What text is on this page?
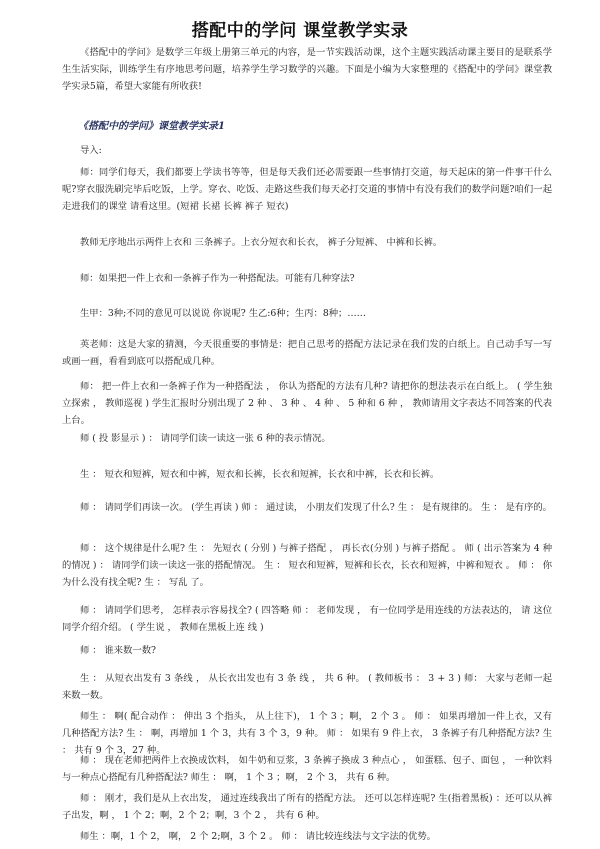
搭配中的学问 课堂教学实录

《搭配中的学问》是数学三年级上册第三单元的内容，是一节实践活动课，这个主题实践活动课主要目的是联系学生生活实际，训练学生有序地思考问题，培养学生学习数学的兴趣。下面是小编为大家整理的《搭配中的学问》课堂教学实录5篇，希望大家能有所收获!

《搭配中的学问》课堂教学实录1

导入:

师：同学们每天，我们都要上学读书等等，但是每天我们还必需要跟一些事情打交道，每天起床的第一件事干什么呢?穿衣服洗刷完毕后吃饭，上学。穿衣、吃饭、走路这些我们每天必打交道的事情中有没有我们的数学问题?咱们一起走进我们的课堂 请看这里。(短裙 长裙 长裤 裤子 短衣)

教师无序地出示两件上衣和 三条裤子。上衣分短衣和长衣， 裤子分短裤、 中裤和长裤。

师：如果把一件上衣和一条裤子作为一种搭配法。可能有几种穿法?

生甲：3种;不同的意见可以说说 你说呢? 生乙:6种；生丙：8种；……

英老师：这是大家的猜测，今天很重要的事情是：把自己思考的搭配方法记录在我们发的白纸上。自己动手写一写或画一画，看看到底可以搭配成几种。

师： 把一件上衣和一条裤子作为一种搭配法 ， 你认为搭配的方法有几种? 请把你的想法表示在白纸上。 ( 学生独立探索 ， 教师巡视 ) 学生汇报时分别出现了 2 种 、 3 种 、 4 种 、 5 种和 6 种 ， 教师请用文字表达不同答案的代表上台。

师 ( 投 影显示 ) ： 请同学们读一读这一张 6 种的表示情况。

生 ： 短衣和短裤，短衣和中裤，短衣和长裤，长衣和短裤，长衣和中裤，长衣和长裤。

师 ： 请同学们再读一次。 (学生再读 ) 师 ： 通过读， 小朋友们发现了什么? 生 ： 是有规律的。 生 ： 是有序的。

师 ： 这个规律是什么呢? 生 ： 先短衣 ( 分别 ) 与裤子搭配 ， 再长衣(分别 ) 与裤子搭配 。 师 ( 出示答案为 4 种的情况 ) ： 请同学们读一读这一张的搭配情况。 生 ： 短衣和短裤，短裤和长衣，长衣和短裤，中裤和短衣 。 师 ： 你为什么没有找全呢? 生 ： 写乱 了。

师 ： 请同学们思考， 怎样表示容易找全? ( 四答略 师 ： 老师发现 ， 有一位同学是用连线的方法表达的， 请 这位同学介绍介绍。 ( 学生说 ， 教师在黑板上连 线 )

师 ： 谁来数一数?

生 ： 从短衣出发有 3 条线 ， 从长衣出发也有 3 条 线 ， 共 6 种。 ( 教师板书 ： 3 + 3 ) 师： 大家与老师一起来数一数。

师生 ： 啊( 配合动作 ： 伸出 3 个指头， 从上往下)， 1 个 3 ；啊， 2 个 3 。 师 ： 如果再增加一件上衣，又有几种搭配方法? 生 ： 啊，再增加 1 个 3，共有 3 个 3，9 种。 师 ： 如果有 9 件上衣， 3 条裤子有几种搭配方法? 生 ： 共有 9 个 3，27 种。

师 ： 现在老师把两件上衣换成饮料， 如牛奶和豆浆，3 条裤子换成 3 种点心 ， 如蛋糕、包子、面包 ， 一种饮料与一种点心搭配有几种搭配法? 师生 ： 啊， 1 个 3 ；啊， 2 个 3， 共有 6 种。

师 ： 刚才，我们是从上衣出发， 通过连线我出了所有的搭配方法。 还可以怎样连呢? 生(指着黑板) ：还可以从裤子出发，啊 ， 1 个 2；啊，2 个 2；啊，3 个 2 ， 共有 6 种。

师生 ：啊，1 个 2， 啊， 2 个 2;啊，3 个 2 。 师 ： 请比较连线法与文字法的优势。
